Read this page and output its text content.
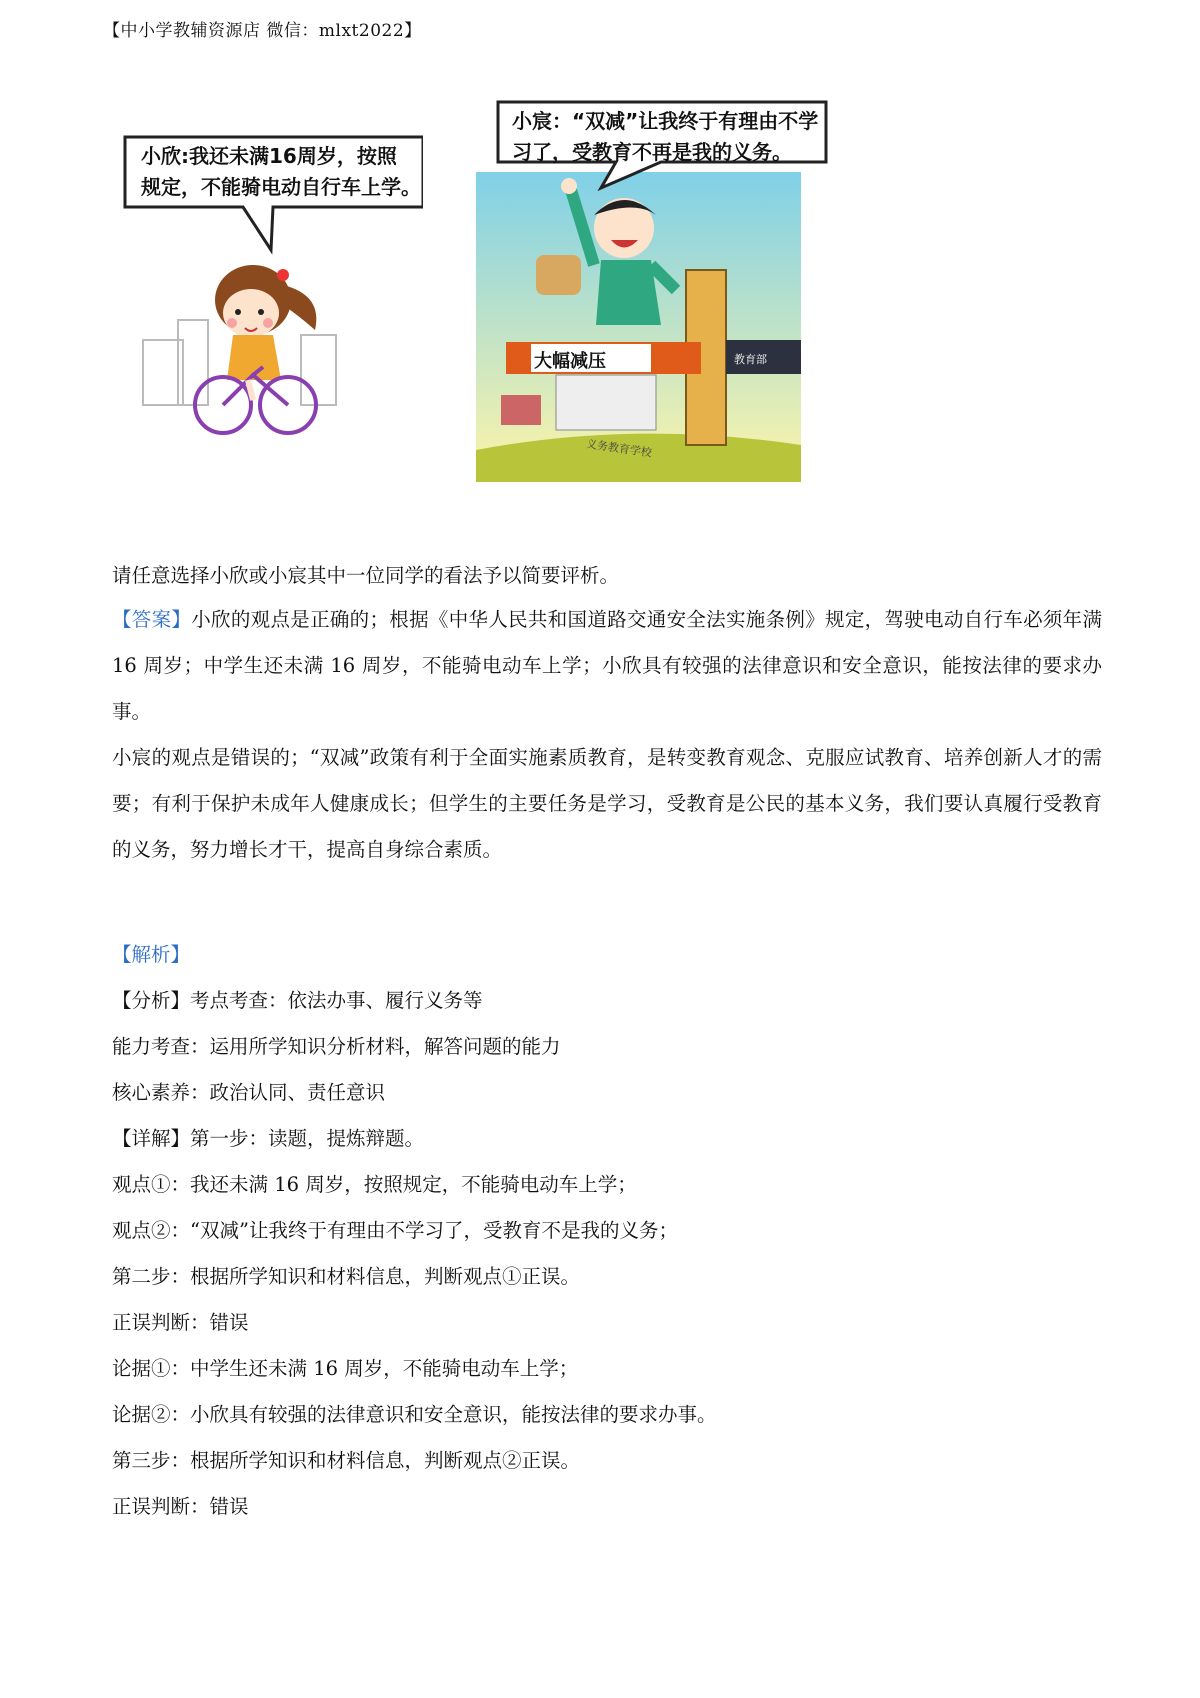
【中小学教辅资源店 微信：mlxt2022】
小欣:我还未满16周岁，按照
规定，不能骑电动自行车上学。
小宸：“双减”让我终于有理由不学
习了，受教育不再是我的义务。
大幅减压	教育部
义务教育学校

请任意选择小欣或小宸其中一位同学的看法予以简要评析。

【答案】小欣的观点是正确的；根据《中华人民共和国道路交通安全法实施条例》规定，驾驶电动自行车必须年满 16 周岁；中学生还未满 16 周岁，不能骑电动车上学；小欣具有较强的法律意识和安全意识，能按法律的要求办事。

小宸的观点是错误的；“双减”政策有利于全面实施素质教育，是转变教育观念、克服应试教育、培养创新人才的需要；有利于保护未成年人健康成长；但学生的主要任务是学习，受教育是公民的基本义务，我们要认真履行受教育的义务，努力增长才干，提高自身综合素质。

【解析】

【分析】考点考查：依法办事、履行义务等

能力考查：运用所学知识分析材料，解答问题的能力

核心素养：政治认同、责任意识

【详解】第一步：读题，提炼辩题。

观点①：我还未满 16 周岁，按照规定，不能骑电动车上学；

观点②：“双减”让我终于有理由不学习了，受教育不是我的义务；

第二步：根据所学知识和材料信息，判断观点①正误。

正误判断：错误

论据①：中学生还未满 16 周岁，不能骑电动车上学；

论据②：小欣具有较强的法律意识和安全意识，能按法律的要求办事。

第三步：根据所学知识和材料信息，判断观点②正误。

正误判断：错误
